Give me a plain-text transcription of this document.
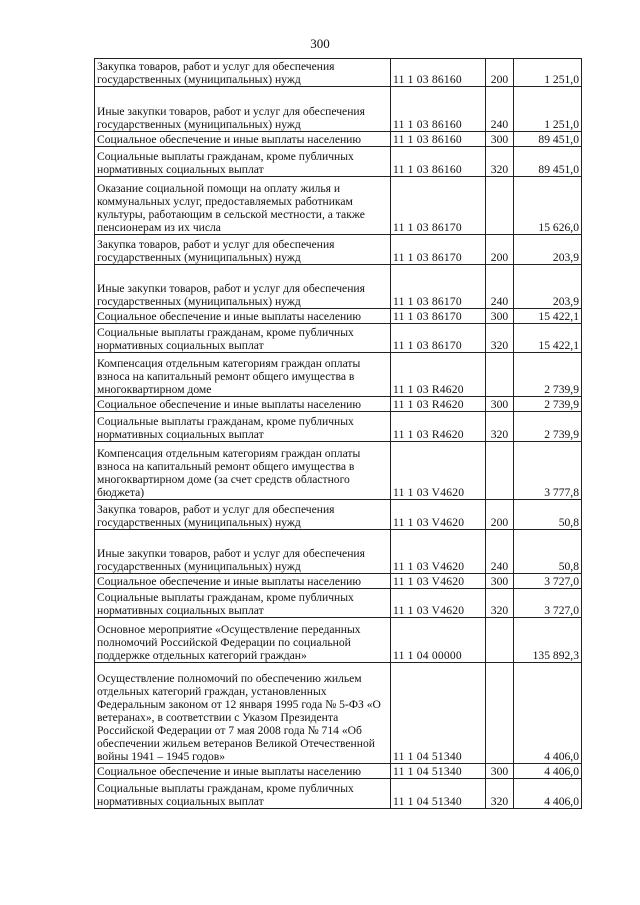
300
Закупка товаров, работ и услуг для обеспечения государственных (муниципальных) нужд	11 1 03 86160	200	1 251,0
Иные закупки товаров, работ и услуг для обеспечения государственных (муниципальных) нужд	11 1 03 86160	240	1 251,0
Социальное обеспечение и иные выплаты населению	11 1 03 86160	300	89 451,0
Социальные выплаты гражданам, кроме публичных нормативных социальных выплат	11 1 03 86160	320	89 451,0
Оказание социальной помощи на оплату жилья и коммунальных услуг, предоставляемых работникам культуры, работающим в сельской местности, а также пенсионерам из их числа	11 1 03 86170		15 626,0
Закупка товаров, работ и услуг для обеспечения государственных (муниципальных) нужд	11 1 03 86170	200	203,9
Иные закупки товаров, работ и услуг для обеспечения государственных (муниципальных) нужд	11 1 03 86170	240	203,9
Социальное обеспечение и иные выплаты населению	11 1 03 86170	300	15 422,1
Социальные выплаты гражданам, кроме публичных нормативных социальных выплат	11 1 03 86170	320	15 422,1
Компенсация отдельным категориям граждан оплаты взноса на капитальный ремонт общего имущества в многоквартирном доме	11 1 03 R4620		2 739,9
Социальное обеспечение и иные выплаты населению	11 1 03 R4620	300	2 739,9
Социальные выплаты гражданам, кроме публичных нормативных социальных выплат	11 1 03 R4620	320	2 739,9
Компенсация отдельным категориям граждан оплаты взноса на капитальный ремонт общего имущества в многоквартирном доме (за счет средств областного бюджета)	11 1 03 V4620		3 777,8
Закупка товаров, работ и услуг для обеспечения государственных (муниципальных) нужд	11 1 03 V4620	200	50,8
Иные закупки товаров, работ и услуг для обеспечения государственных (муниципальных) нужд	11 1 03 V4620	240	50,8
Социальное обеспечение и иные выплаты населению	11 1 03 V4620	300	3 727,0
Социальные выплаты гражданам, кроме публичных нормативных социальных выплат	11 1 03 V4620	320	3 727,0
Основное мероприятие «Осуществление переданных полномочий Российской Федерации по социальной поддержке отдельных категорий граждан»	11 1 04 00000		135 892,3
Осуществление полномочий по обеспечению жильем отдельных категорий граждан, установленных Федеральным законом от 12 января 1995 года № 5-ФЗ «О ветеранах», в соответствии с Указом Президента Российской Федерации от 7 мая 2008 года № 714 «Об обеспечении жильем ветеранов Великой Отечественной войны 1941 – 1945 годов»	11 1 04 51340		4 406,0
Социальное обеспечение и иные выплаты населению	11 1 04 51340	300	4 406,0
Социальные выплаты гражданам, кроме публичных нормативных социальных выплат	11 1 04 51340	320	4 406,0
